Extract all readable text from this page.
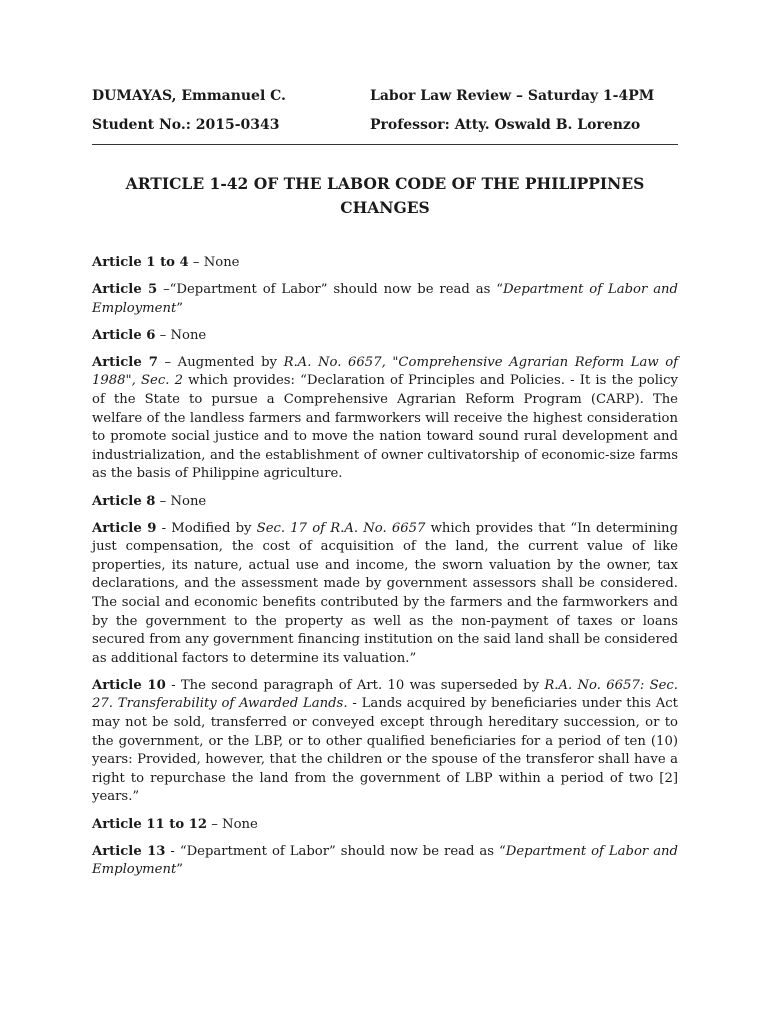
DUMAYAS, Emmanuel C.	Labor Law Review – Saturday 1-4PM
Student No.: 2015-0343	Professor: Atty. Oswald B. Lorenzo
ARTICLE 1-42 OF THE LABOR CODE OF THE PHILIPPINES
CHANGES

Article 1 to 4 – None

Article 5 –“Department of Labor” should now be read as “Department of Labor and Employment”

Article 6 – None

Article 7 – Augmented by R.A. No. 6657, "Comprehensive Agrarian Reform Law of 1988", Sec. 2 which provides: “Declaration of Principles and Policies. - It is the policy of the State to pursue a Comprehensive Agrarian Reform Program (CARP). The welfare of the landless farmers and farmworkers will receive the highest consideration to promote social justice and to move the nation toward sound rural development and industrialization, and the establishment of owner cultivatorship of economic-size farms as the basis of Philippine agriculture.

Article 8 – None

Article 9 - Modified by Sec. 17 of R.A. No. 6657 which provides that “In determining just compensation, the cost of acquisition of the land, the current value of like properties, its nature, actual use and income, the sworn valuation by the owner, tax declarations, and the assessment made by government assessors shall be considered. The social and economic benefits contributed by the farmers and the farmworkers and by the government to the property as well as the non-payment of taxes or loans secured from any government financing institution on the said land shall be considered as additional factors to determine its valuation.”

Article 10 - The second paragraph of Art. 10 was superseded by R.A. No. 6657: Sec. 27. Transferability of Awarded Lands. - Lands acquired by beneficiaries under this Act may not be sold, transferred or conveyed except through hereditary succession, or to the government, or the LBP, or to other qualified beneficiaries for a period of ten (10) years: Provided, however, that the children or the spouse of the transferor shall have a right to repurchase the land from the government of LBP within a period of two [2] years.”

Article 11 to 12 – None

Article 13 - “Department of Labor” should now be read as “Department of Labor and Employment”
